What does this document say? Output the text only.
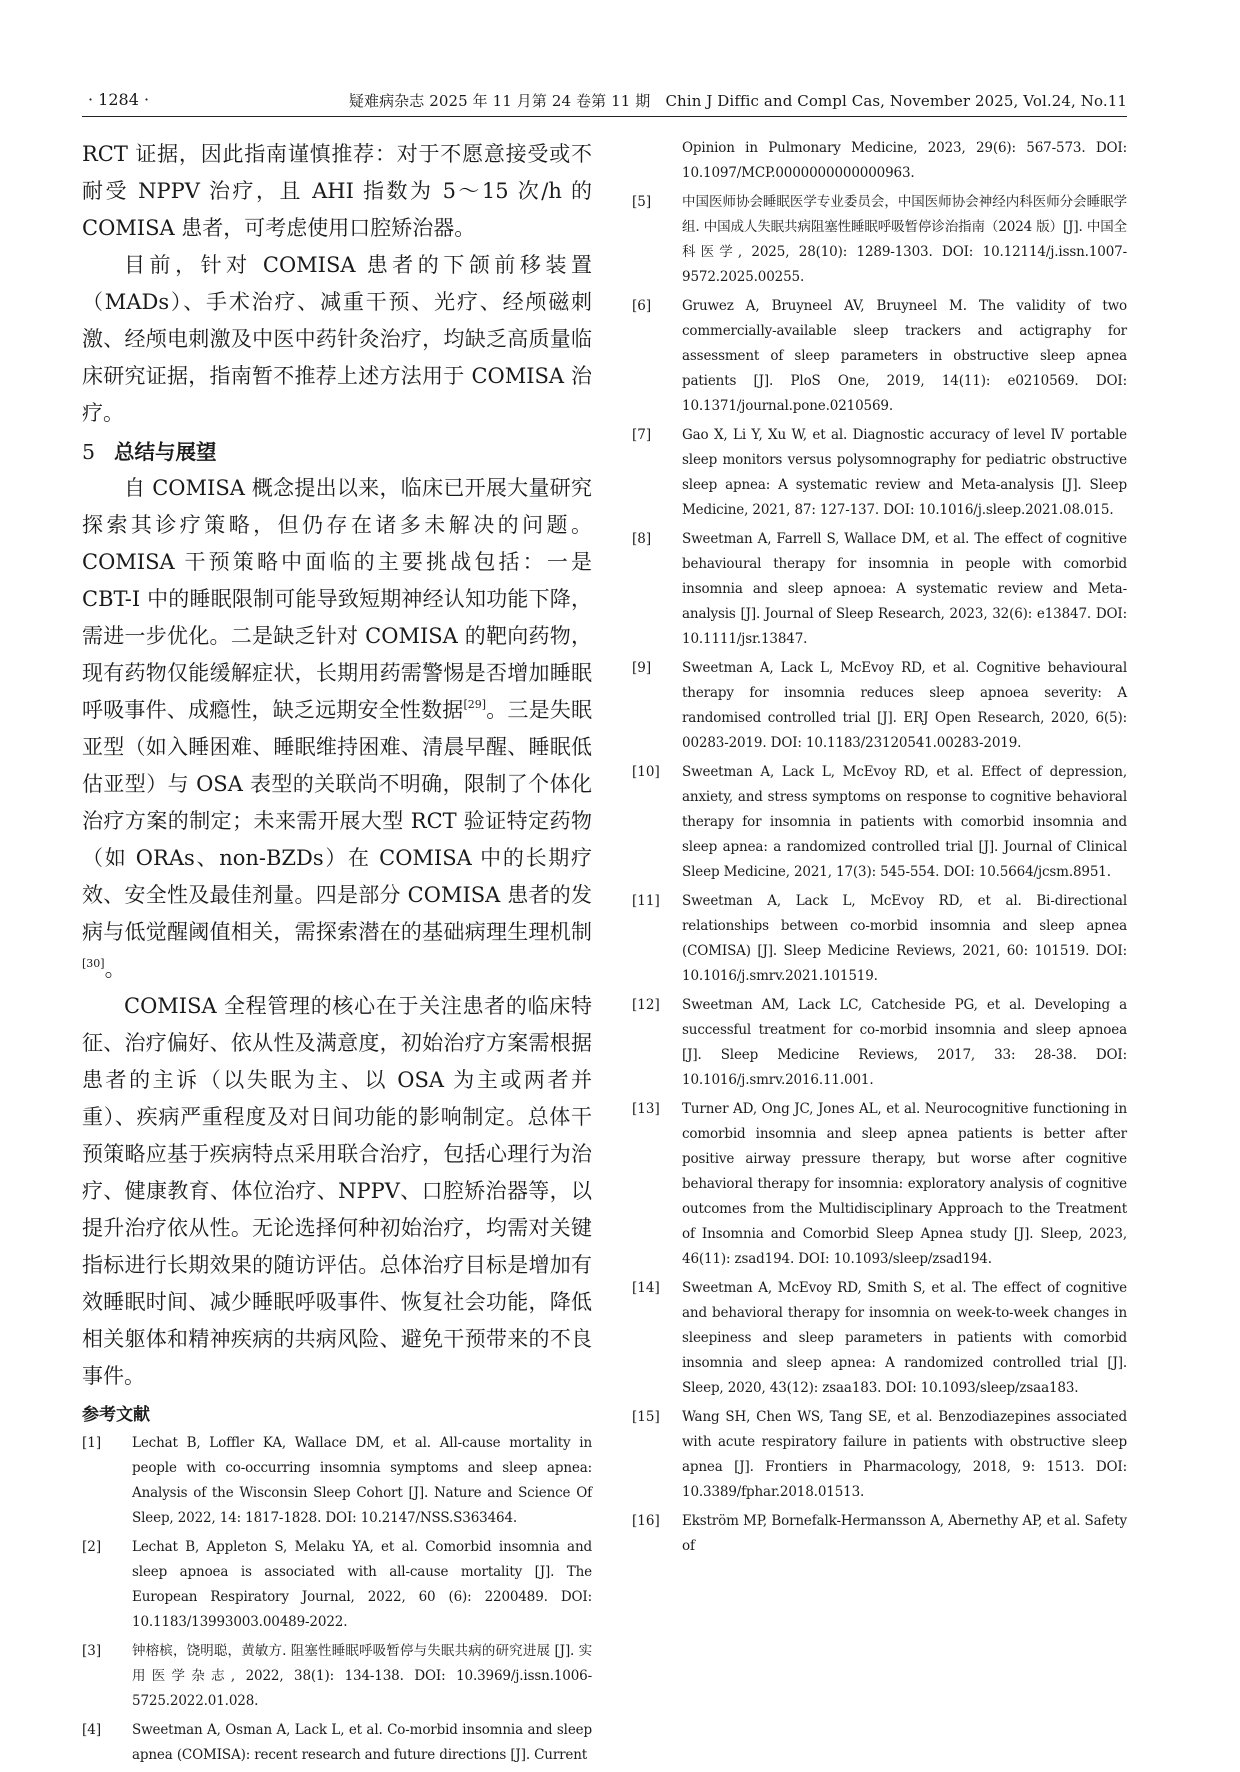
· 1284 ·	疑难病杂志 2025 年 11 月第 24 卷第 11 期　Chin J Diffic and Compl Cas, November 2025, Vol.24, No.11

RCT 证据，因此指南谨慎推荐：对于不愿意接受或不耐受 NPPV 治疗，且 AHI 指数为 5～15 次/h 的 COMISA 患者，可考虑使用口腔矫治器。

目前，针对 COMISA 患者的下颌前移装置（MADs）、手术治疗、减重干预、光疗、经颅磁刺激、经颅电刺激及中医中药针灸治疗，均缺乏高质量临床研究证据，指南暂不推荐上述方法用于 COMISA 治疗。

5 总结与展望

自 COMISA 概念提出以来，临床已开展大量研究探索其诊疗策略，但仍存在诸多未解决的问题。COMISA 干预策略中面临的主要挑战包括：一是 CBT-I 中的睡眠限制可能导致短期神经认知功能下降，需进一步优化。二是缺乏针对 COMISA 的靶向药物，现有药物仅能缓解症状，长期用药需警惕是否增加睡眠呼吸事件、成瘾性，缺乏远期安全性数据[29]。三是失眠亚型（如入睡困难、睡眠维持困难、清晨早醒、睡眠低估亚型）与 OSA 表型的关联尚不明确，限制了个体化治疗方案的制定；未来需开展大型 RCT 验证特定药物（如 ORAs、non-BZDs）在 COMISA 中的长期疗效、安全性及最佳剂量。四是部分 COMISA 患者的发病与低觉醒阈值相关，需探索潜在的基础病理生理机制[30]。

COMISA 全程管理的核心在于关注患者的临床特征、治疗偏好、依从性及满意度，初始治疗方案需根据患者的主诉（以失眠为主、以 OSA 为主或两者并重）、疾病严重程度及对日间功能的影响制定。总体干预策略应基于疾病特点采用联合治疗，包括心理行为治疗、健康教育、体位治疗、NPPV、口腔矫治器等，以提升治疗依从性。无论选择何种初始治疗，均需对关键指标进行长期效果的随访评估。总体治疗目标是增加有效睡眠时间、减少睡眠呼吸事件、恢复社会功能，降低相关躯体和精神疾病的共病风险、避免干预带来的不良事件。

参考文献
[1]	Lechat B, Loffler KA, Wallace DM, et al. All-cause mortality in people with co-occurring insomnia symptoms and sleep apnea: Analysis of the Wisconsin Sleep Cohort [J]. Nature and Science Of Sleep, 2022, 14: 1817-1828. DOI: 10.2147/NSS.S363464.
[2]	Lechat B, Appleton S, Melaku YA, et al. Comorbid insomnia and sleep apnoea is associated with all-cause mortality [J]. The European Respiratory Journal, 2022, 60 (6): 2200489. DOI: 10.1183/13993003.00489-2022.
[3]	钟榕槟，饶明聪，黄敏方. 阻塞性睡眠呼吸暂停与失眠共病的研究进展 [J]. 实用医学杂志, 2022, 38(1): 134-138. DOI: 10.3969/j.issn.1006-5725.2022.01.028.
[4]	Sweetman A, Osman A, Lack L, et al. Co-morbid insomnia and sleep apnea (COMISA): recent research and future directions [J]. Current
Opinion in Pulmonary Medicine, 2023, 29(6): 567-573. DOI: 10.1097/MCP.0000000000000963.
[5]	中国医师协会睡眠医学专业委员会，中国医师协会神经内科医师分会睡眠学组. 中国成人失眠共病阻塞性睡眠呼吸暂停诊治指南（2024 版）[J]. 中国全科医学, 2025, 28(10): 1289-1303. DOI: 10.12114/j.issn.1007-9572.2025.00255.
[6]	Gruwez A, Bruyneel AV, Bruyneel M. The validity of two commercially-available sleep trackers and actigraphy for assessment of sleep parameters in obstructive sleep apnea patients [J]. PloS One, 2019, 14(11): e0210569. DOI: 10.1371/journal.pone.0210569.
[7]	Gao X, Li Y, Xu W, et al. Diagnostic accuracy of level Ⅳ portable sleep monitors versus polysomnography for pediatric obstructive sleep apnea: A systematic review and Meta-analysis [J]. Sleep Medicine, 2021, 87: 127-137. DOI: 10.1016/j.sleep.2021.08.015.
[8]	Sweetman A, Farrell S, Wallace DM, et al. The effect of cognitive behavioural therapy for insomnia in people with comorbid insomnia and sleep apnoea: A systematic review and Meta-analysis [J]. Journal of Sleep Research, 2023, 32(6): e13847. DOI: 10.1111/jsr.13847.
[9]	Sweetman A, Lack L, McEvoy RD, et al. Cognitive behavioural therapy for insomnia reduces sleep apnoea severity: A randomised controlled trial [J]. ERJ Open Research, 2020, 6(5): 00283-2019. DOI: 10.1183/23120541.00283-2019.
[10]	Sweetman A, Lack L, McEvoy RD, et al. Effect of depression, anxiety, and stress symptoms on response to cognitive behavioral therapy for insomnia in patients with comorbid insomnia and sleep apnea: a randomized controlled trial [J]. Journal of Clinical Sleep Medicine, 2021, 17(3): 545-554. DOI: 10.5664/jcsm.8951.
[11]	Sweetman A, Lack L, McEvoy RD, et al. Bi-directional relationships between co-morbid insomnia and sleep apnea (COMISA) [J]. Sleep Medicine Reviews, 2021, 60: 101519. DOI: 10.1016/j.smrv.2021.101519.
[12]	Sweetman AM, Lack LC, Catcheside PG, et al. Developing a successful treatment for co-morbid insomnia and sleep apnoea [J]. Sleep Medicine Reviews, 2017, 33: 28-38. DOI: 10.1016/j.smrv.2016.11.001.
[13]	Turner AD, Ong JC, Jones AL, et al. Neurocognitive functioning in comorbid insomnia and sleep apnea patients is better after positive airway pressure therapy, but worse after cognitive behavioral therapy for insomnia: exploratory analysis of cognitive outcomes from the Multidisciplinary Approach to the Treatment of Insomnia and Comorbid Sleep Apnea study [J]. Sleep, 2023, 46(11): zsad194. DOI: 10.1093/sleep/zsad194.
[14]	Sweetman A, McEvoy RD, Smith S, et al. The effect of cognitive and behavioral therapy for insomnia on week-to-week changes in sleepiness and sleep parameters in patients with comorbid insomnia and sleep apnea: A randomized controlled trial [J]. Sleep, 2020, 43(12): zsaa183. DOI: 10.1093/sleep/zsaa183.
[15]	Wang SH, Chen WS, Tang SE, et al. Benzodiazepines associated with acute respiratory failure in patients with obstructive sleep apnea [J]. Frontiers in Pharmacology, 2018, 9: 1513. DOI: 10.3389/fphar.2018.01513.
[16]	Ekström MP, Bornefalk-Hermansson A, Abernethy AP, et al. Safety of
